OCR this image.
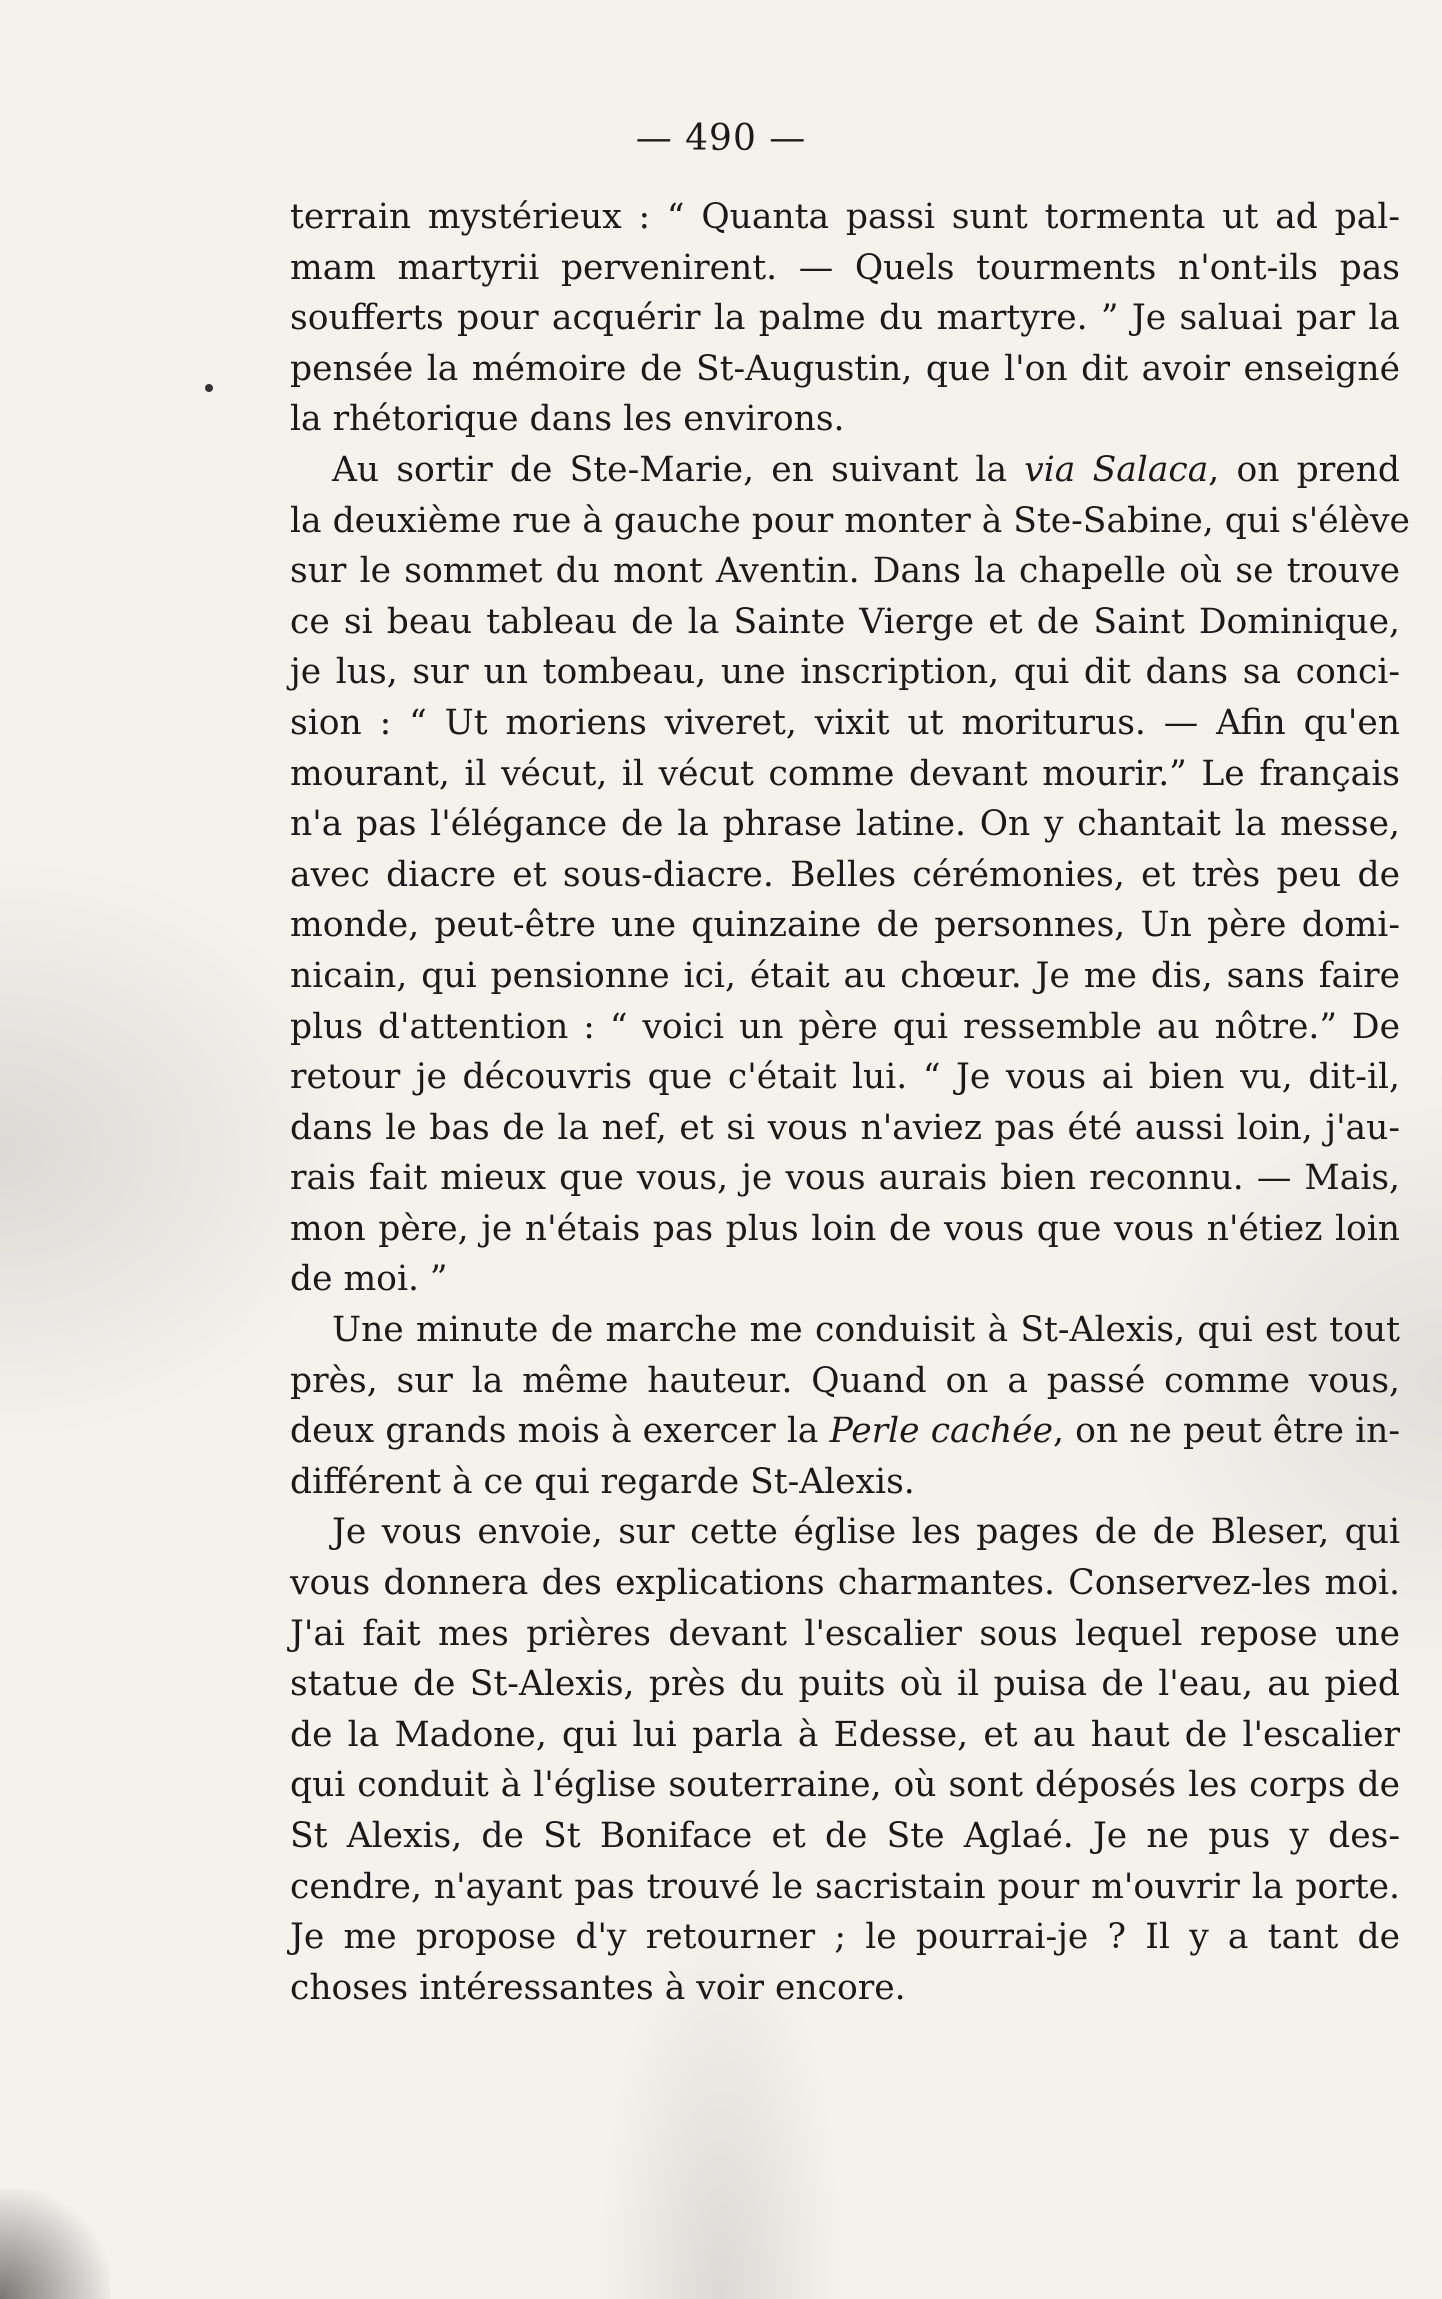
— 490 —
terrain mystérieux : “ Quanta passi sunt tormenta ut ad pal-
mam martyrii pervenirent. — Quels tourments n'ont-ils pas
soufferts pour acquérir la palme du martyre. ” Je saluai par la
pensée la mémoire de St-Augustin, que l'on dit avoir enseigné
la rhétorique dans les environs.
Au sortir de Ste-Marie, en suivant la via Salaca, on prend
la deuxième rue à gauche pour monter à Ste-Sabine, qui s'élève
sur le sommet du mont Aventin. Dans la chapelle où se trouve
ce si beau tableau de la Sainte Vierge et de Saint Dominique,
je lus, sur un tombeau, une inscription, qui dit dans sa conci-
sion : “ Ut moriens viveret, vixit ut moriturus. — Afin qu'en
mourant, il vécut, il vécut comme devant mourir.” Le français
n'a pas l'élégance de la phrase latine. On y chantait la messe,
avec diacre et sous-diacre. Belles cérémonies, et très peu de
monde, peut-être une quinzaine de personnes, Un père domi-
nicain, qui pensionne ici, était au chœur. Je me dis, sans faire
plus d'attention : “ voici un père qui ressemble au nôtre.” De
retour je découvris que c'était lui. “ Je vous ai bien vu, dit-il,
dans le bas de la nef, et si vous n'aviez pas été aussi loin, j'au-
rais fait mieux que vous, je vous aurais bien reconnu. — Mais,
mon père, je n'étais pas plus loin de vous que vous n'étiez loin
de moi. ”
Une minute de marche me conduisit à St-Alexis, qui est tout
près, sur la même hauteur. Quand on a passé comme vous,
deux grands mois à exercer la Perle cachée, on ne peut être in-
différent à ce qui regarde St-Alexis.
Je vous envoie, sur cette église les pages de de Bleser, qui
vous donnera des explications charmantes. Conservez-les moi.
J'ai fait mes prières devant l'escalier sous lequel repose une
statue de St-Alexis, près du puits où il puisa de l'eau, au pied
de la Madone, qui lui parla à Edesse, et au haut de l'escalier
qui conduit à l'église souterraine, où sont déposés les corps de
St Alexis, de St Boniface et de Ste Aglaé. Je ne pus y des-
cendre, n'ayant pas trouvé le sacristain pour m'ouvrir la porte.
Je me propose d'y retourner ; le pourrai-je ? Il y a tant de
choses intéressantes à voir encore.
